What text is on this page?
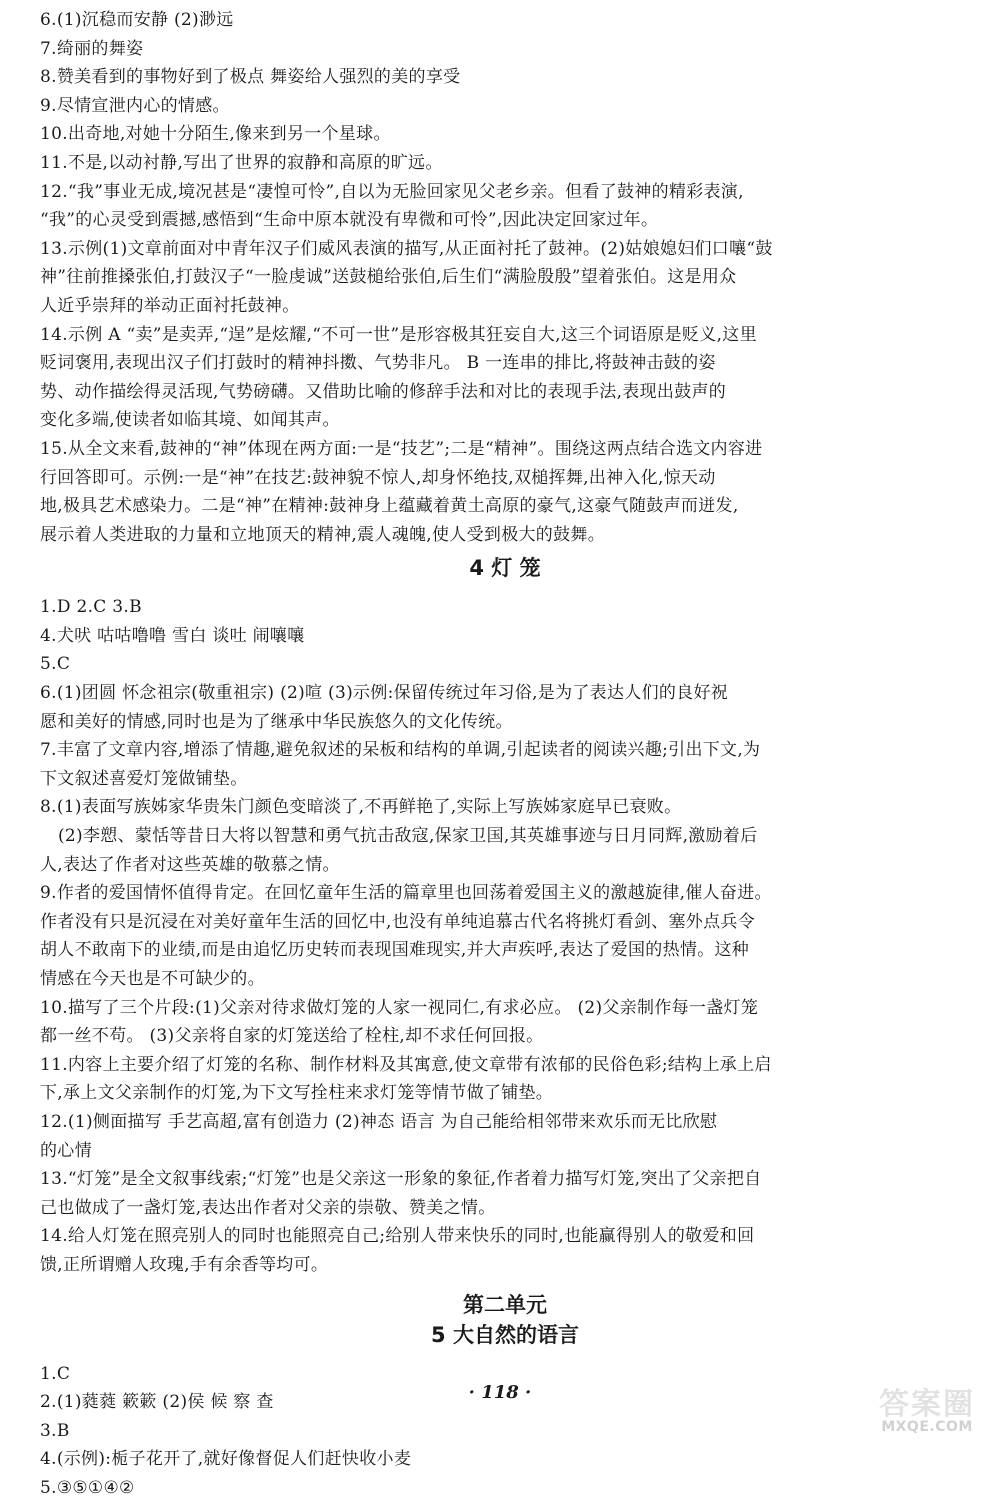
6.(1)沉稳而安静 (2)渺远
7.绮丽的舞姿
8.赞美看到的事物好到了极点 舞姿给人强烈的美的享受
9.尽情宣泄内心的情感。
10.出奇地,对她十分陌生,像来到另一个星球。
11.不是,以动衬静,写出了世界的寂静和高原的旷远。
12.“我”事业无成,境况甚是“凄惶可怜”,自以为无脸回家见父老乡亲。但看了鼓神的精彩表演,
“我”的心灵受到震撼,感悟到“生命中原本就没有卑微和可怜”,因此决定回家过年。
13.示例(1)文章前面对中青年汉子们威风表演的描写,从正面衬托了鼓神。(2)姑娘媳妇们口嚷“鼓
神”往前推搡张伯,打鼓汉子“一脸虔诚”送鼓槌给张伯,后生们“满脸殷殷”望着张伯。这是用众
人近乎崇拜的举动正面衬托鼓神。
14.示例 A “卖”是卖弄,“逞”是炫耀,“不可一世”是形容极其狂妄自大,这三个词语原是贬义,这里
贬词褒用,表现出汉子们打鼓时的精神抖擞、气势非凡。 B 一连串的排比,将鼓神击鼓的姿
势、动作描绘得灵活现,气势磅礴。又借助比喻的修辞手法和对比的表现手法,表现出鼓声的
变化多端,使读者如临其境、如闻其声。
15.从全文来看,鼓神的“神”体现在两方面:一是“技艺”;二是“精神”。围绕这两点结合选文内容进
行回答即可。示例:一是“神”在技艺:鼓神貌不惊人,却身怀绝技,双槌挥舞,出神入化,惊天动
地,极具艺术感染力。二是“神”在精神:鼓神身上蕴藏着黄土高原的豪气,这豪气随鼓声而迸发,
展示着人类进取的力量和立地顶天的精神,震人魂魄,使人受到极大的鼓舞。
4 灯 笼
1.D 2.C 3.B
4.犬吠 咕咕噜噜 雪白 谈吐 闹嚷嚷
5.C
6.(1)团圆 怀念祖宗(敬重祖宗) (2)喧 (3)示例:保留传统过年习俗,是为了表达人们的良好祝
愿和美好的情感,同时也是为了继承中华民族悠久的文化传统。
7.丰富了文章内容,增添了情趣,避免叙述的呆板和结构的单调,引起读者的阅读兴趣;引出下文,为
下文叙述喜爱灯笼做铺垫。
8.(1)表面写族姊家华贵朱门颜色变暗淡了,不再鲜艳了,实际上写族姊家庭早已衰败。
(2)李愬、蒙恬等昔日大将以智慧和勇气抗击敌寇,保家卫国,其英雄事迹与日月同辉,激励着后
人,表达了作者对这些英雄的敬慕之情。
9.作者的爱国情怀值得肯定。在回忆童年生活的篇章里也回荡着爱国主义的激越旋律,催人奋进。
作者没有只是沉浸在对美好童年生活的回忆中,也没有单纯追慕古代名将挑灯看剑、塞外点兵令
胡人不敢南下的业绩,而是由追忆历史转而表现国难现实,并大声疾呼,表达了爱国的热情。这种
情感在今天也是不可缺少的。
10.描写了三个片段:(1)父亲对待求做灯笼的人家一视同仁,有求必应。 (2)父亲制作每一盏灯笼
都一丝不苟。 (3)父亲将自家的灯笼送给了栓柱,却不求任何回报。
11.内容上主要介绍了灯笼的名称、制作材料及其寓意,使文章带有浓郁的民俗色彩;结构上承上启
下,承上文父亲制作的灯笼,为下文写拴柱来求灯笼等情节做了铺垫。
12.(1)侧面描写 手艺高超,富有创造力 (2)神态 语言 为自己能给相邻带来欢乐而无比欣慰
的心情
13.“灯笼”是全文叙事线索;“灯笼”也是父亲这一形象的象征,作者着力描写灯笼,突出了父亲把自
己也做成了一盏灯笼,表达出作者对父亲的崇敬、赞美之情。
14.给人灯笼在照亮别人的同时也能照亮自己;给别人带来快乐的同时,也能赢得别人的敬爱和回
馈,正所谓赠人玫瑰,手有余香等均可。
第二单元
5 大自然的语言
1.C
2.(1)蕤蕤 簌簌 (2)侯 候 察 查
3.B
4.(示例):栀子花开了,就好像督促人们赶快收小麦
5.③⑤①④②
· 118 ·	答案圈
MXQE.COM
